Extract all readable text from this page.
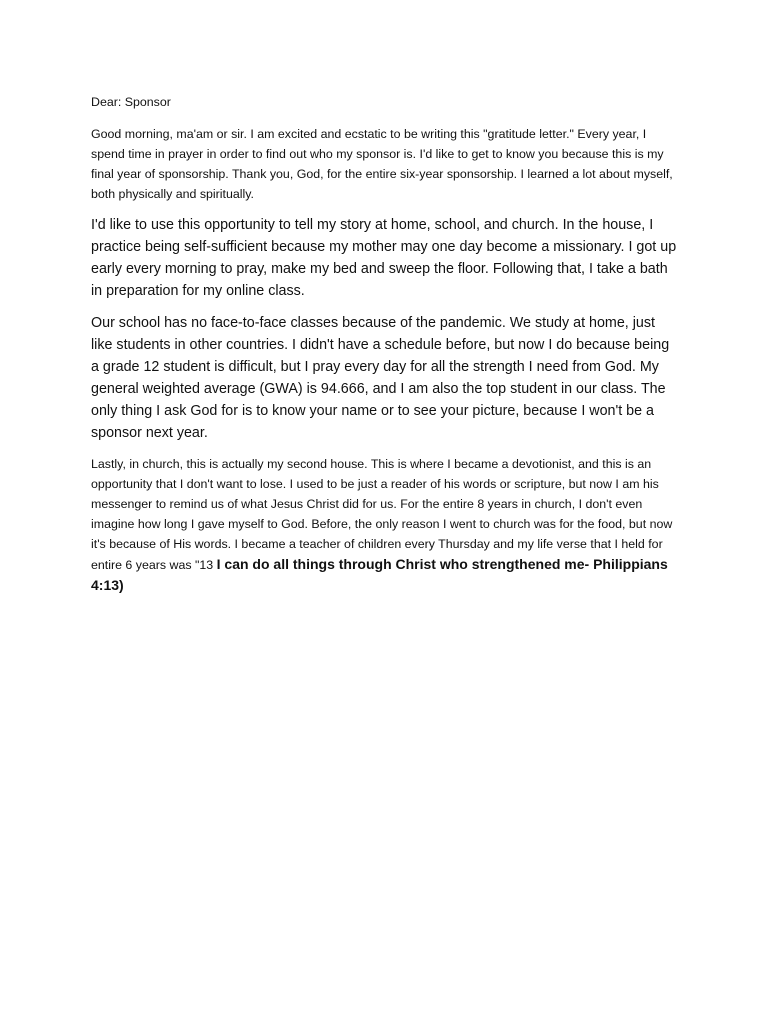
Dear: Sponsor

Good morning, ma'am or sir. I am excited and ecstatic to be writing this "gratitude letter." Every year, I spend time in prayer in order to find out who my sponsor is. I'd like to get to know you because this is my final year of sponsorship. Thank you, God, for the entire six-year sponsorship. I learned a lot about myself, both physically and spiritually.

I'd like to use this opportunity to tell my story at home, school, and church. In the house, I practice being self-sufficient because my mother may one day become a missionary. I got up early every morning to pray, make my bed and sweep the floor. Following that, I take a bath in preparation for my online class.

Our school has no face-to-face classes because of the pandemic. We study at home, just like students in other countries. I didn't have a schedule before, but now I do because being a grade 12 student is difficult, but I pray every day for all the strength I need from God. My general weighted average (GWA) is 94.666, and I am also the top student in our class. The only thing I ask God for is to know your name or to see your picture, because I won't be a sponsor next year.

Lastly, in church, this is actually my second house. This is where I became a devotionist, and this is an opportunity that I don't want to lose. I used to be just a reader of his words or scripture, but now I am his messenger to remind us of what Jesus Christ did for us. For the entire 8 years in church, I don't even imagine how long I gave myself to God. Before, the only reason I went to church was for the food, but now it's because of His words. I became a teacher of children every Thursday and my life verse that I held for entire 6 years was "13 I can do all things through Christ who strengthened me- Philippians 4:13)
